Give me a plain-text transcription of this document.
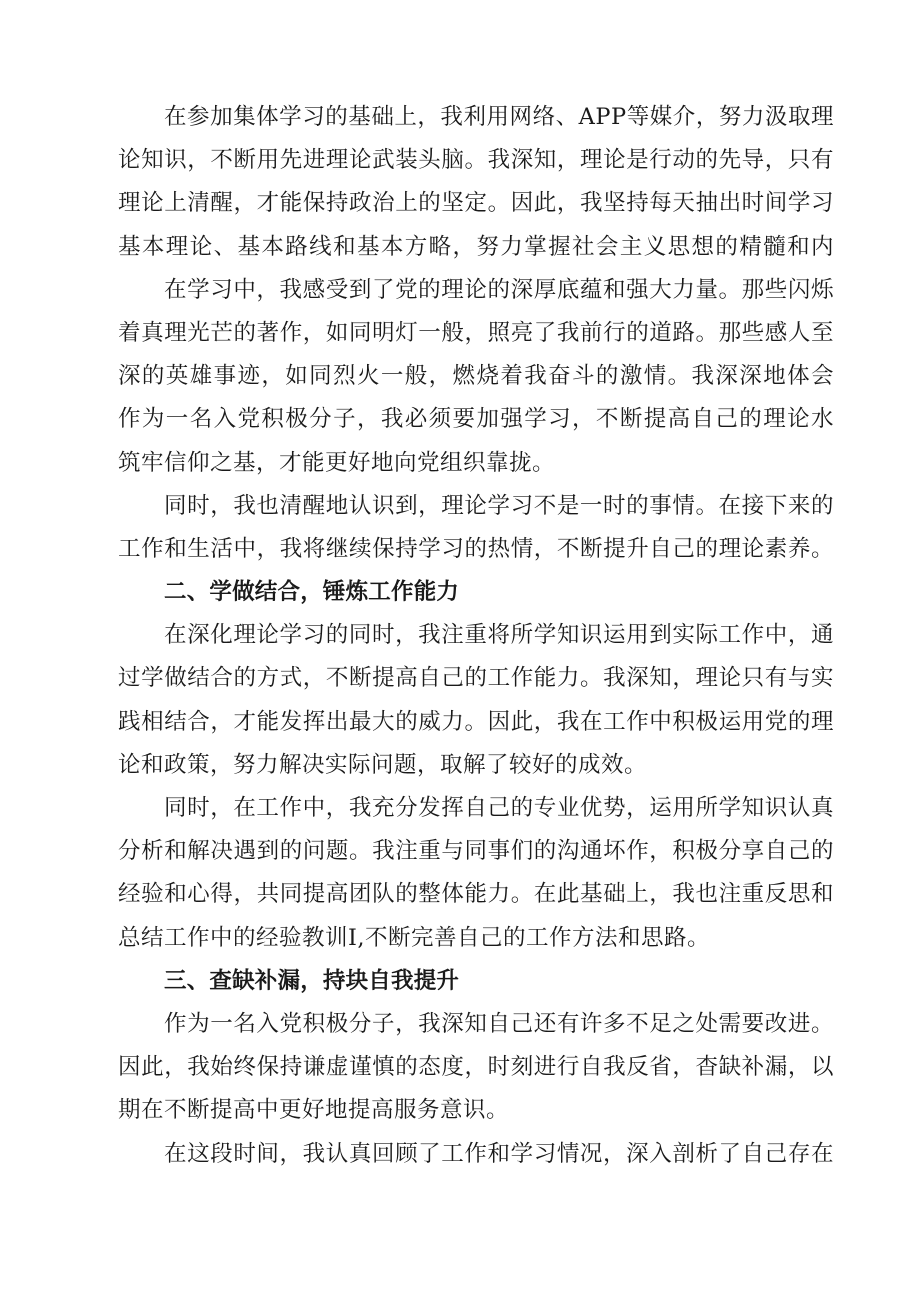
在参加集体学习的基础上，我利用网络、APP等媒介，努力汲取理
论知识，不断用先进理论武装头脑。我深知，理论是行动的先导，只有
理论上清醒，才能保持政治上的坚定。因此，我坚持每天抽出时间学习
基本理论、基本路线和基本方略，努力掌握社会主义思想的精髓和内
在学习中，我感受到了党的理论的深厚底蕴和强大力量。那些闪烁
着真理光芒的著作，如同明灯一般，照亮了我前行的道路。那些感人至
深的英雄事迹，如同烈火一般，燃烧着我奋斗的激情。我深深地体会
作为一名入党积极分子，我必须要加强学习，不断提高自己的理论水
筑牢信仰之基，才能更好地向党组织靠拢。
同时，我也清醒地认识到，理论学习不是一时的事情。在接下来的
工作和生活中，我将继续保持学习的热情，不断提升自己的理论素养。
二、学做结合，锤炼工作能力
在深化理论学习的同时，我注重将所学知识运用到实际工作中，通
过学做结合的方式，不断提高自己的工作能力。我深知，理论只有与实
践相结合，才能发挥出最大的威力。因此，我在工作中积极运用党的理
论和政策，努力解决实际问题，取解了较好的成效。
同时，在工作中，我充分发挥自己的专业优势，运用所学知识认真
分析和解决遇到的问题。我注重与同事们的沟通坏作，积极分享自己的
经验和心得，共同提高团队的整体能力。在此基础上，我也注重反思和
总结工作中的经验教训I,不断完善自己的工作方法和思路。
三、查缺补漏，持块自我提升
作为一名入党积极分子，我深知自己还有许多不足之处需要改进。
因此，我始终保持谦虚谨慎的态度，时刻进行自我反省，杳缺补漏，以
期在不断提高中更好地提高服务意识。
在这段时间，我认真回顾了工作和学习情况，深入剖析了自己存在
